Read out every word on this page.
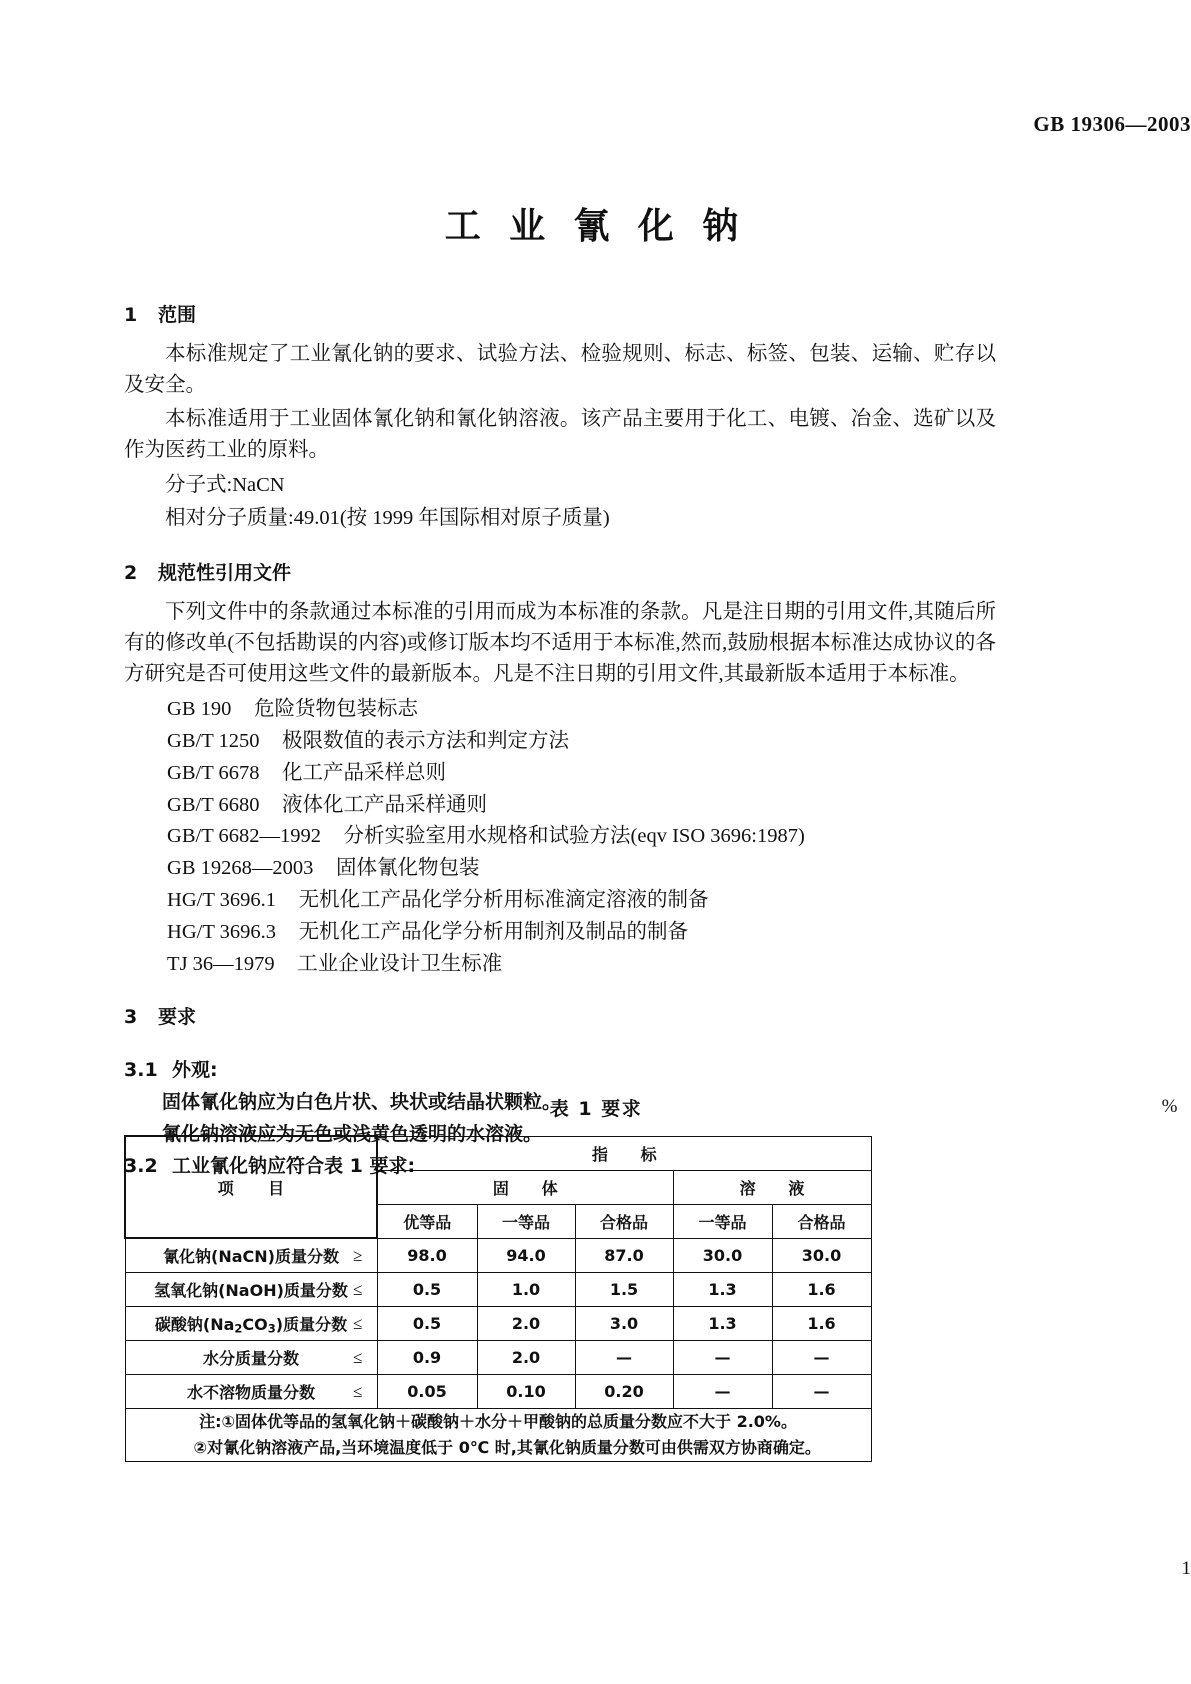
GB 19306—2003
工 业 氰 化 钠
1 范围

本标准规定了工业氰化钠的要求、试验方法、检验规则、标志、标签、包装、运输、贮存以及安全。

本标准适用于工业固体氰化钠和氰化钠溶液。该产品主要用于化工、电镀、冶金、选矿以及作为医药工业的原料。

分子式:NaCN

相对分子质量:49.01(按 1999 年国际相对原子质量)

2 规范性引用文件

下列文件中的条款通过本标准的引用而成为本标准的条款。凡是注日期的引用文件,其随后所有的修改单(不包括勘误的内容)或修订版本均不适用于本标准,然而,鼓励根据本标准达成协议的各方研究是否可使用这些文件的最新版本。凡是不注日期的引用文件,其最新版本适用于本标准。

GB 190 危险货物包装标志
GB/T 1250 极限数值的表示方法和判定方法
GB/T 6678 化工产品采样总则
GB/T 6680 液体化工产品采样通则
GB/T 6682—1992 分析实验室用水规格和试验方法(eqv ISO 3696:1987)
GB 19268—2003 固体氰化物包装
HG/T 3696.1 无机化工产品化学分析用标准滴定溶液的制备
HG/T 3696.3 无机化工产品化学分析用制剂及制品的制备
TJ 36—1979 工业企业设计卫生标准
3 要求
3.1 外观:

固体氰化钠应为白色片状、块状或结晶状颗粒。

氰化钠溶液应为无色或浅黄色透明的水溶液。

3.2 工业氰化钠应符合表 1 要求:
表 1 要求	%
项 目	指 标				
	固 体			溶 液	
	优等品	一等品	合格品	一等品	合格品
氰化钠(NaCN)质量分数 ≥	98.0	94.0	87.0	30.0	30.0
氢氧化钠(NaOH)质量分数 ≤	0.5	1.0	1.5	1.3	1.6
碳酸钠$(Na_2CO_3)$质量分数 ≤	0.5	2.0	3.0	1.3	1.6
水分质量分数 ≤	0.9	2.0	—	—	—
水不溶物质量分数 ≤	0.05	0.10	0.20	—	—

注:①固体优等品的氢氧化钠＋碳酸钠＋水分＋甲酸钠的总质量分数应不大于 2.0%。
②对氰化钠溶液产品,当环境温度低于 0℃ 时,其氰化钠质量分数可由供需双方协商确定。					
1
